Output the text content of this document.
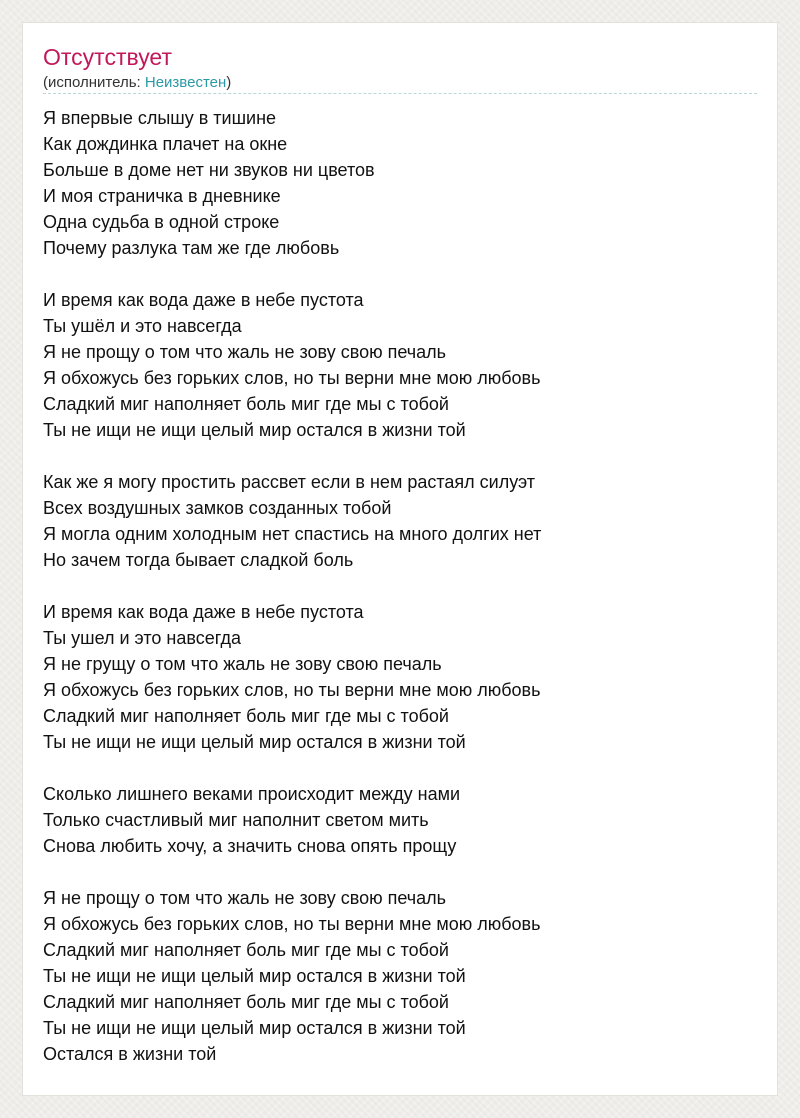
Отсутствует
(исполнитель: Неизвестен)
Я впервые слышу в тишине
Как дождинка плачет на окне
Больше в доме нет ни звуков ни цветов
И моя страничка в дневнике
Одна судьба в одной строке
Почему разлука там же где любовь
И время как вода даже в небе пустота
Ты ушёл и это навсегда
Я не прощу о том что жаль не зову свою печаль
Я обхожусь без горьких слов, но ты верни мне мою любовь
Сладкий миг наполняет боль миг где мы с тобой
Ты не ищи не ищи целый мир остался в жизни той
Как же я могу простить рассвет если в нем растаял силуэт
Всех воздушных замков созданных тобой
Я могла одним холодным нет спастись на много долгих нет
Но зачем тогда бывает сладкой боль
И время как вода даже в небе пустота
Ты ушел и это навсегда
Я не грущу о том что жаль не зову свою печаль
Я обхожусь без горьких слов, но ты верни мне мою любовь
Сладкий миг наполняет боль миг где мы с тобой
Ты не ищи не ищи целый мир остался в жизни той
Сколько лишнего веками происходит между нами
Только счастливый миг наполнит светом мить
Снова любить хочу, а значить снова опять прощу
Я не прощу о том что жаль не зову свою печаль
Я обхожусь без горьких слов, но ты верни мне мою любовь
Сладкий миг наполняет боль миг где мы с тобой
Ты не ищи не ищи целый мир остался в жизни той
Сладкий миг наполняет боль миг где мы с тобой
Ты не ищи не ищи целый мир остался в жизни той
Остался в жизни той
